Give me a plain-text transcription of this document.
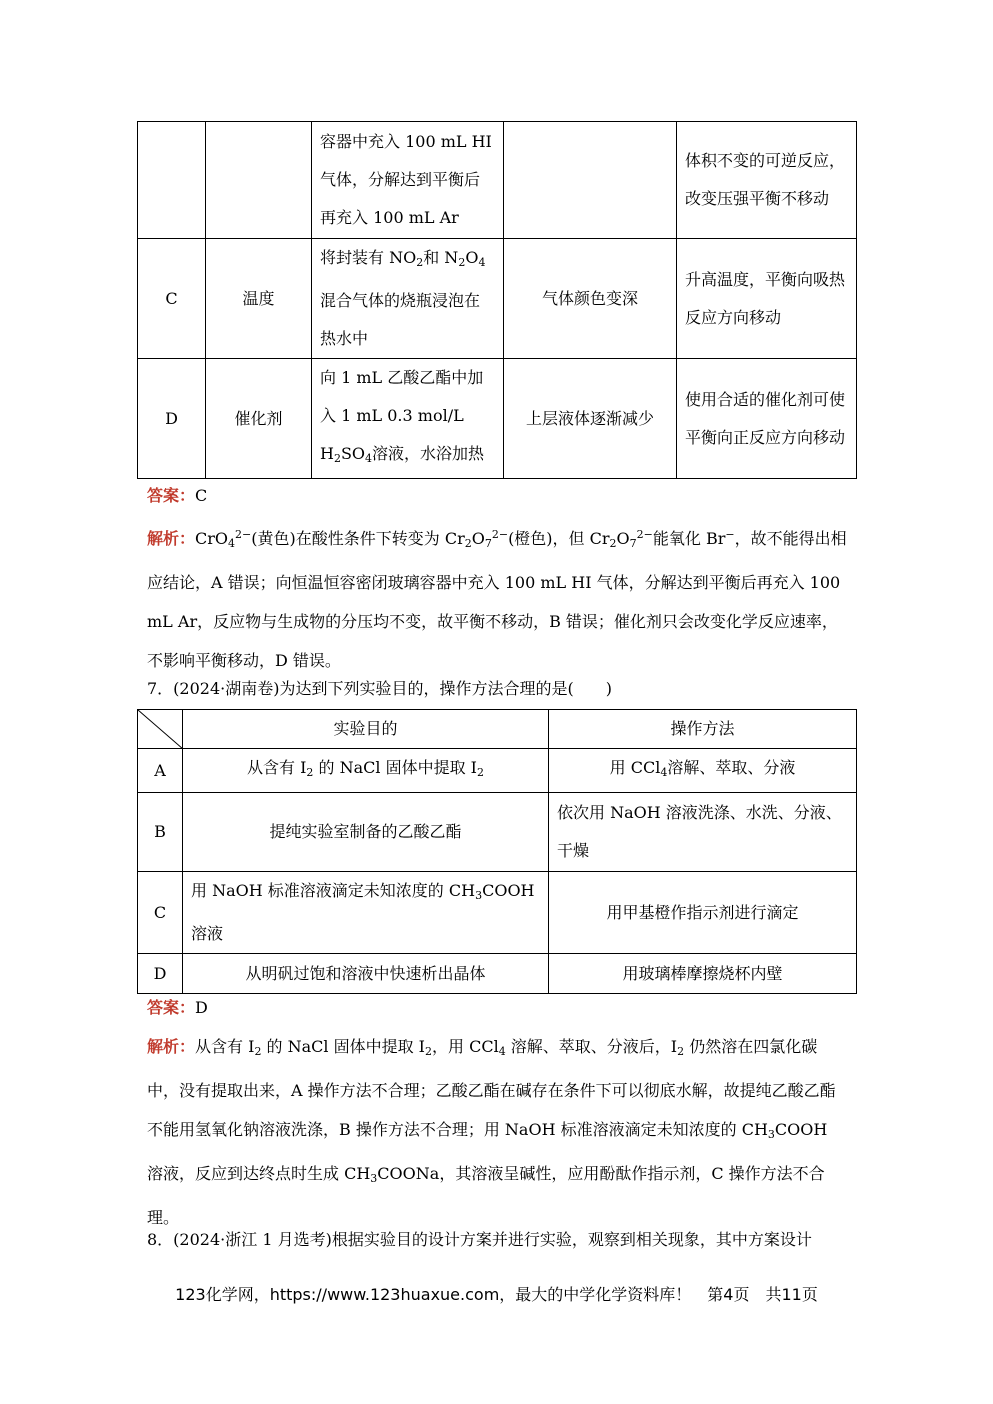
		容器中充入 100 mL HI 气体，分解达到平衡后再充入 100 mL Ar		体积不变的可逆反应，改变压强平衡不移动
C	温度	将封装有 $NO_2$和 $N_2O_4$混合气体的烧瓶浸泡在热水中	气体颜色变深	升高温度，平衡向吸热反应方向移动
D	催化剂	向 1 mL 乙酸乙酯中加入 1 mL 0.3 mol/L $H_2SO_4$溶液，水浴加热	上层液体逐渐减少	使用合适的催化剂可使平衡向正反应方向移动
答案：C
解析：CrO$_4^{2-}$(黄色)在酸性条件下转变为 $Cr_2O_7^{2-}$(橙色)，但 $Cr_2O_7^{2-}$能氧化 Br−，故不能得出相应结论，A 错误；向恒温恒容密闭玻璃容器中充入 100 mL HI 气体，分解达到平衡后再充入 100 mL Ar，反应物与生成物的分压均不变，故平衡不移动，B 错误；催化剂只会改变化学反应速率，不影响平衡移动，D 错误。
7．(2024·湖南卷)为达到下列实验目的，操作方法合理的是(　　)
	实验目的	操作方法
A	从含有 $I_2$ 的 NaCl 固体中提取 $I_2$	用 CCl$_4$溶解、萃取、分液
B	提纯实验室制备的乙酸乙酯	依次用 NaOH 溶液洗涤、水洗、分液、干燥
C	用 NaOH 标准溶液滴定未知浓度的 $CH_3COOH$ 溶液	用甲基橙作指示剂进行滴定
D	从明矾过饱和溶液中快速析出晶体	用玻璃棒摩擦烧杯内壁
答案：D
解析：从含有 $I_2$ 的 NaCl 固体中提取 $I_2$，用 CCl$_4$ 溶解、萃取、分液后，$I_2$ 仍然溶在四氯化碳中，没有提取出来，A 操作方法不合理；乙酸乙酯在碱存在条件下可以彻底水解，故提纯乙酸乙酯不能用氢氧化钠溶液洗涤，B 操作方法不合理；用 NaOH 标准溶液滴定未知浓度的 $CH_3COOH$ 溶液，反应到达终点时生成 $CH_3COONa$，其溶液呈碱性，应用酚酞作指示剂，C 操作方法不合理。
8．(2024·浙江 1 月选考)根据实验目的设计方案并进行实验，观察到相关现象，其中方案设计
123化学网，https://www.123huaxue.com，最大的中学化学资料库！　第4页　共11页
